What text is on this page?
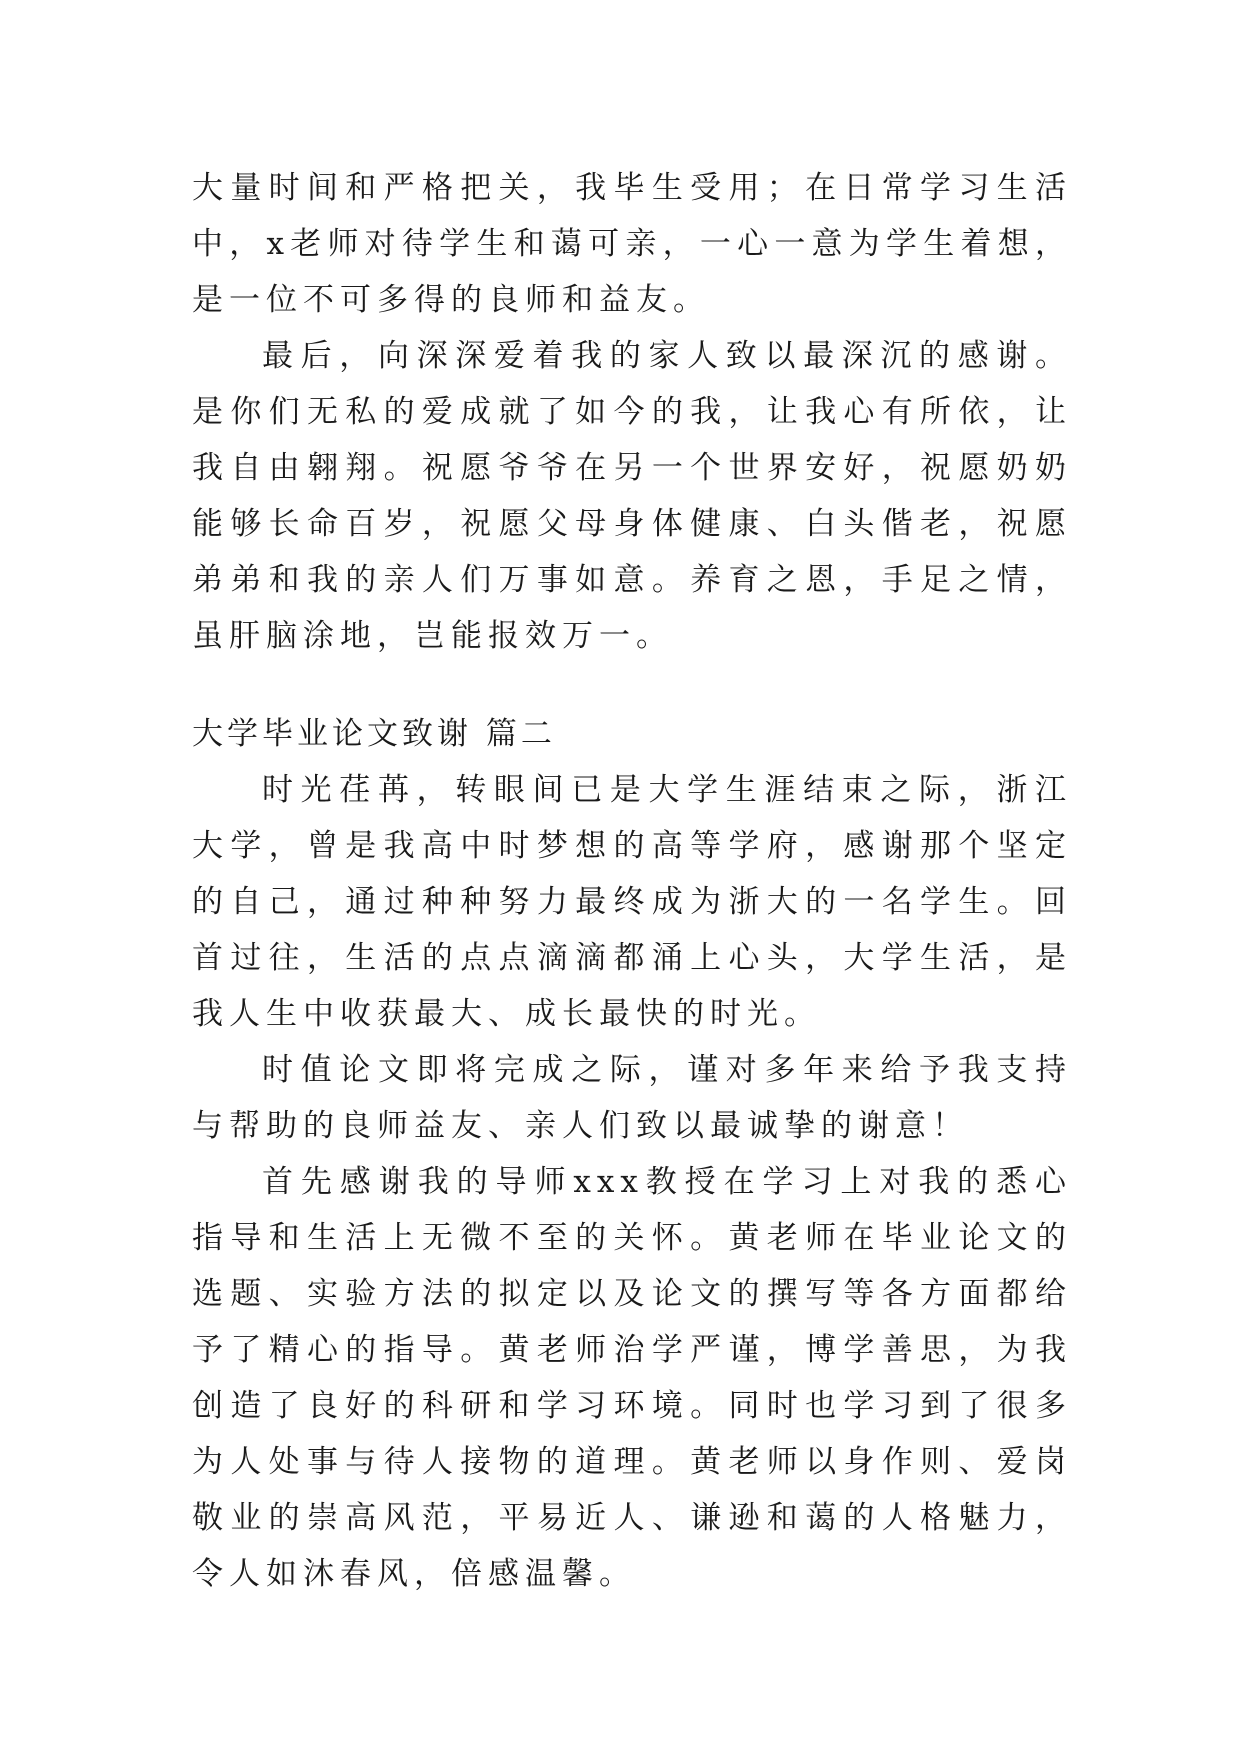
大量时间和严格把关，我毕生受用；在日常学习生活中，x老师对待学生和蔼可亲，一心一意为学生着想，是一位不可多得的良师和益友。

最后，向深深爱着我的家人致以最深沉的感谢。是你们无私的爱成就了如今的我，让我心有所依，让我自由翱翔。祝愿爷爷在另一个世界安好，祝愿奶奶能够长命百岁，祝愿父母身体健康、白头偕老，祝愿弟弟和我的亲人们万事如意。养育之恩，手足之情，虽肝脑涂地，岂能报效万一。

大学毕业论文致谢 篇二

时光荏苒，转眼间已是大学生涯结束之际，浙江大学，曾是我高中时梦想的高等学府，感谢那个坚定的自己，通过种种努力最终成为浙大的一名学生。回首过往，生活的点点滴滴都涌上心头，大学生活，是我人生中收获最大、成长最快的时光。

时值论文即将完成之际，谨对多年来给予我支持与帮助的良师益友、亲人们致以最诚挚的谢意！

首先感谢我的导师xxx教授在学习上对我的悉心指导和生活上无微不至的关怀。黄老师在毕业论文的选题、实验方法的拟定以及论文的撰写等各方面都给予了精心的指导。黄老师治学严谨，博学善思，为我创造了良好的科研和学习环境。同时也学习到了很多为人处事与待人接物的道理。黄老师以身作则、爱岗敬业的崇高风范，平易近人、谦逊和蔼的人格魅力，令人如沐春风，倍感温馨。
